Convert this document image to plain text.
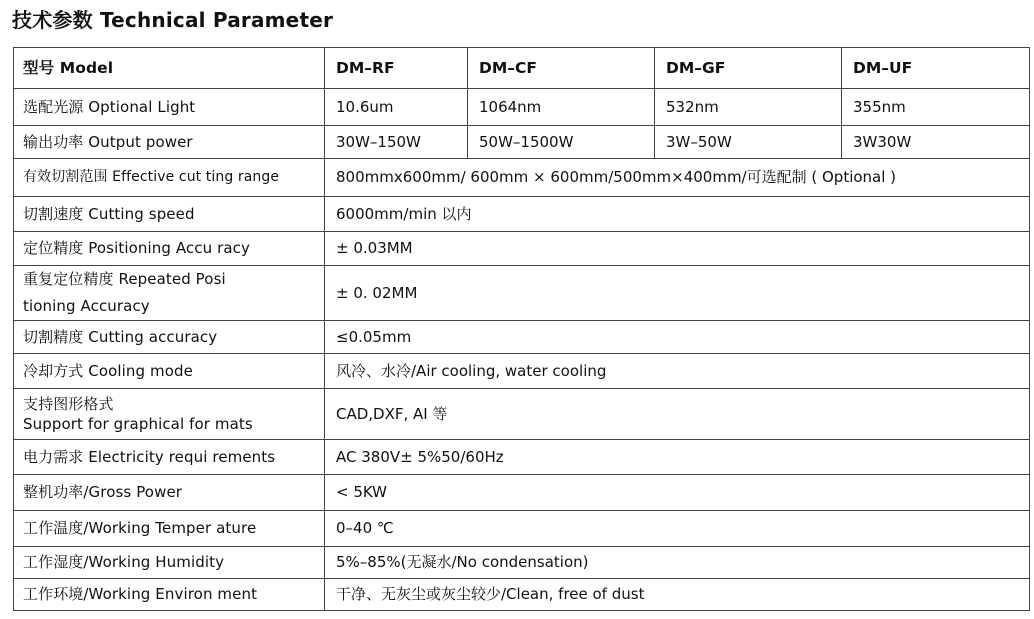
技术参数 Technical Parameter
型号 Model	DM–RF	DM–CF	DM–GF	DM–UF
选配光源 Optional Light	10.6um	1064nm	532nm	355nm
输出功率 Output power	30W–150W	50W–1500W	3W–50W	3W30W
有效切割范围 Effective cut ting range	800mmx600mm/ 600mm × 600mm/500mm×400mm/可选配制 ( Optional )			
切割速度 Cutting speed	6000mm/min 以内			
定位精度 Positioning Accu racy	± 0.03MM			

重复定位精度 Repeated Posi
tioning Accuracy	± 0. 02MM			
切割精度 Cutting accuracy	≤0.05mm			
冷却方式 Cooling mode	风冷、水冷/Air cooling, water cooling			

支持图形格式
Support for graphical for mats	CAD,DXF, AI 等			
电力需求 Electricity requi rements	AC 380V± 5%50/60Hz			
整机功率/Gross Power	< 5KW			
工作温度/Working Temper ature	0–40 ℃			
工作湿度/Working Humidity	5%–85%(无凝水/No condensation)			
工作环境/Working Environ ment	干净、无灰尘或灰尘较少/Clean, free of dust			
